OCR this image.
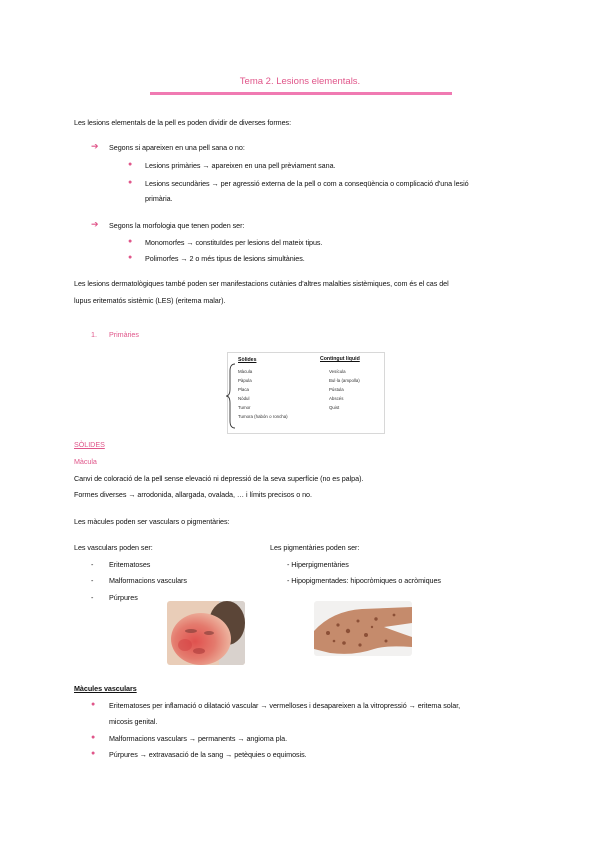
Tema 2. Lesions elementals.
Les lesions elementals de la pell es poden dividir de diverses formes:
➔ Segons si apareixen en una pell sana o no:
● Lesions primàries → apareixen en una pell prèviament sana.
● Lesions secundàries → per agressió externa de la pell o com a conseqüència o complicació d'una lesió
primària.
➔ Segons la morfologia que tenen poden ser:
● Monomorfes → constituïdes per lesions del mateix tipus.
● Polimorfes → 2 o més tipus de lesions simultànies.
Les lesions dermatològiques també poden ser manifestacions cutànies d'altres malalties sistèmiques, com és el cas del
lupus eritematós sistèmic (LES) (eritema malar).
1. Primàries
Sòlides
Màcula
Pàpula
Placa
Nòdul
Tumor
Tumora (habón o roncha)
Contingut líquid
Vesícula
Bul·la (ampolla)
Pústula
Abscés
Quist
SÒLIDES
Màcula
Canvi de coloració de la pell sense elevació ni depressió de la seva superfície (no es palpa).
Formes diverses → arrodonida, allargada, ovalada, … i límits precisos o no.
Les màcules poden ser vasculars o pigmentàries:
Les vasculars poden ser:
- Eritematoses
- Malformacions vasculars
- Púrpures
Les pigmentàries poden ser:
- Hiperpigmentàries
- Hipopigmentades: hipocròmiques o acròmiques
Màcules vasculars
● Eritematoses per inflamació o dilatació vascular → vermelloses i desapareixen a la vitropressió → eritema solar,
micosis genital.
● Malformacions vasculars → permanents → angioma pla.
● Púrpures → extravasació de la sang → petèquies o equimosis.
